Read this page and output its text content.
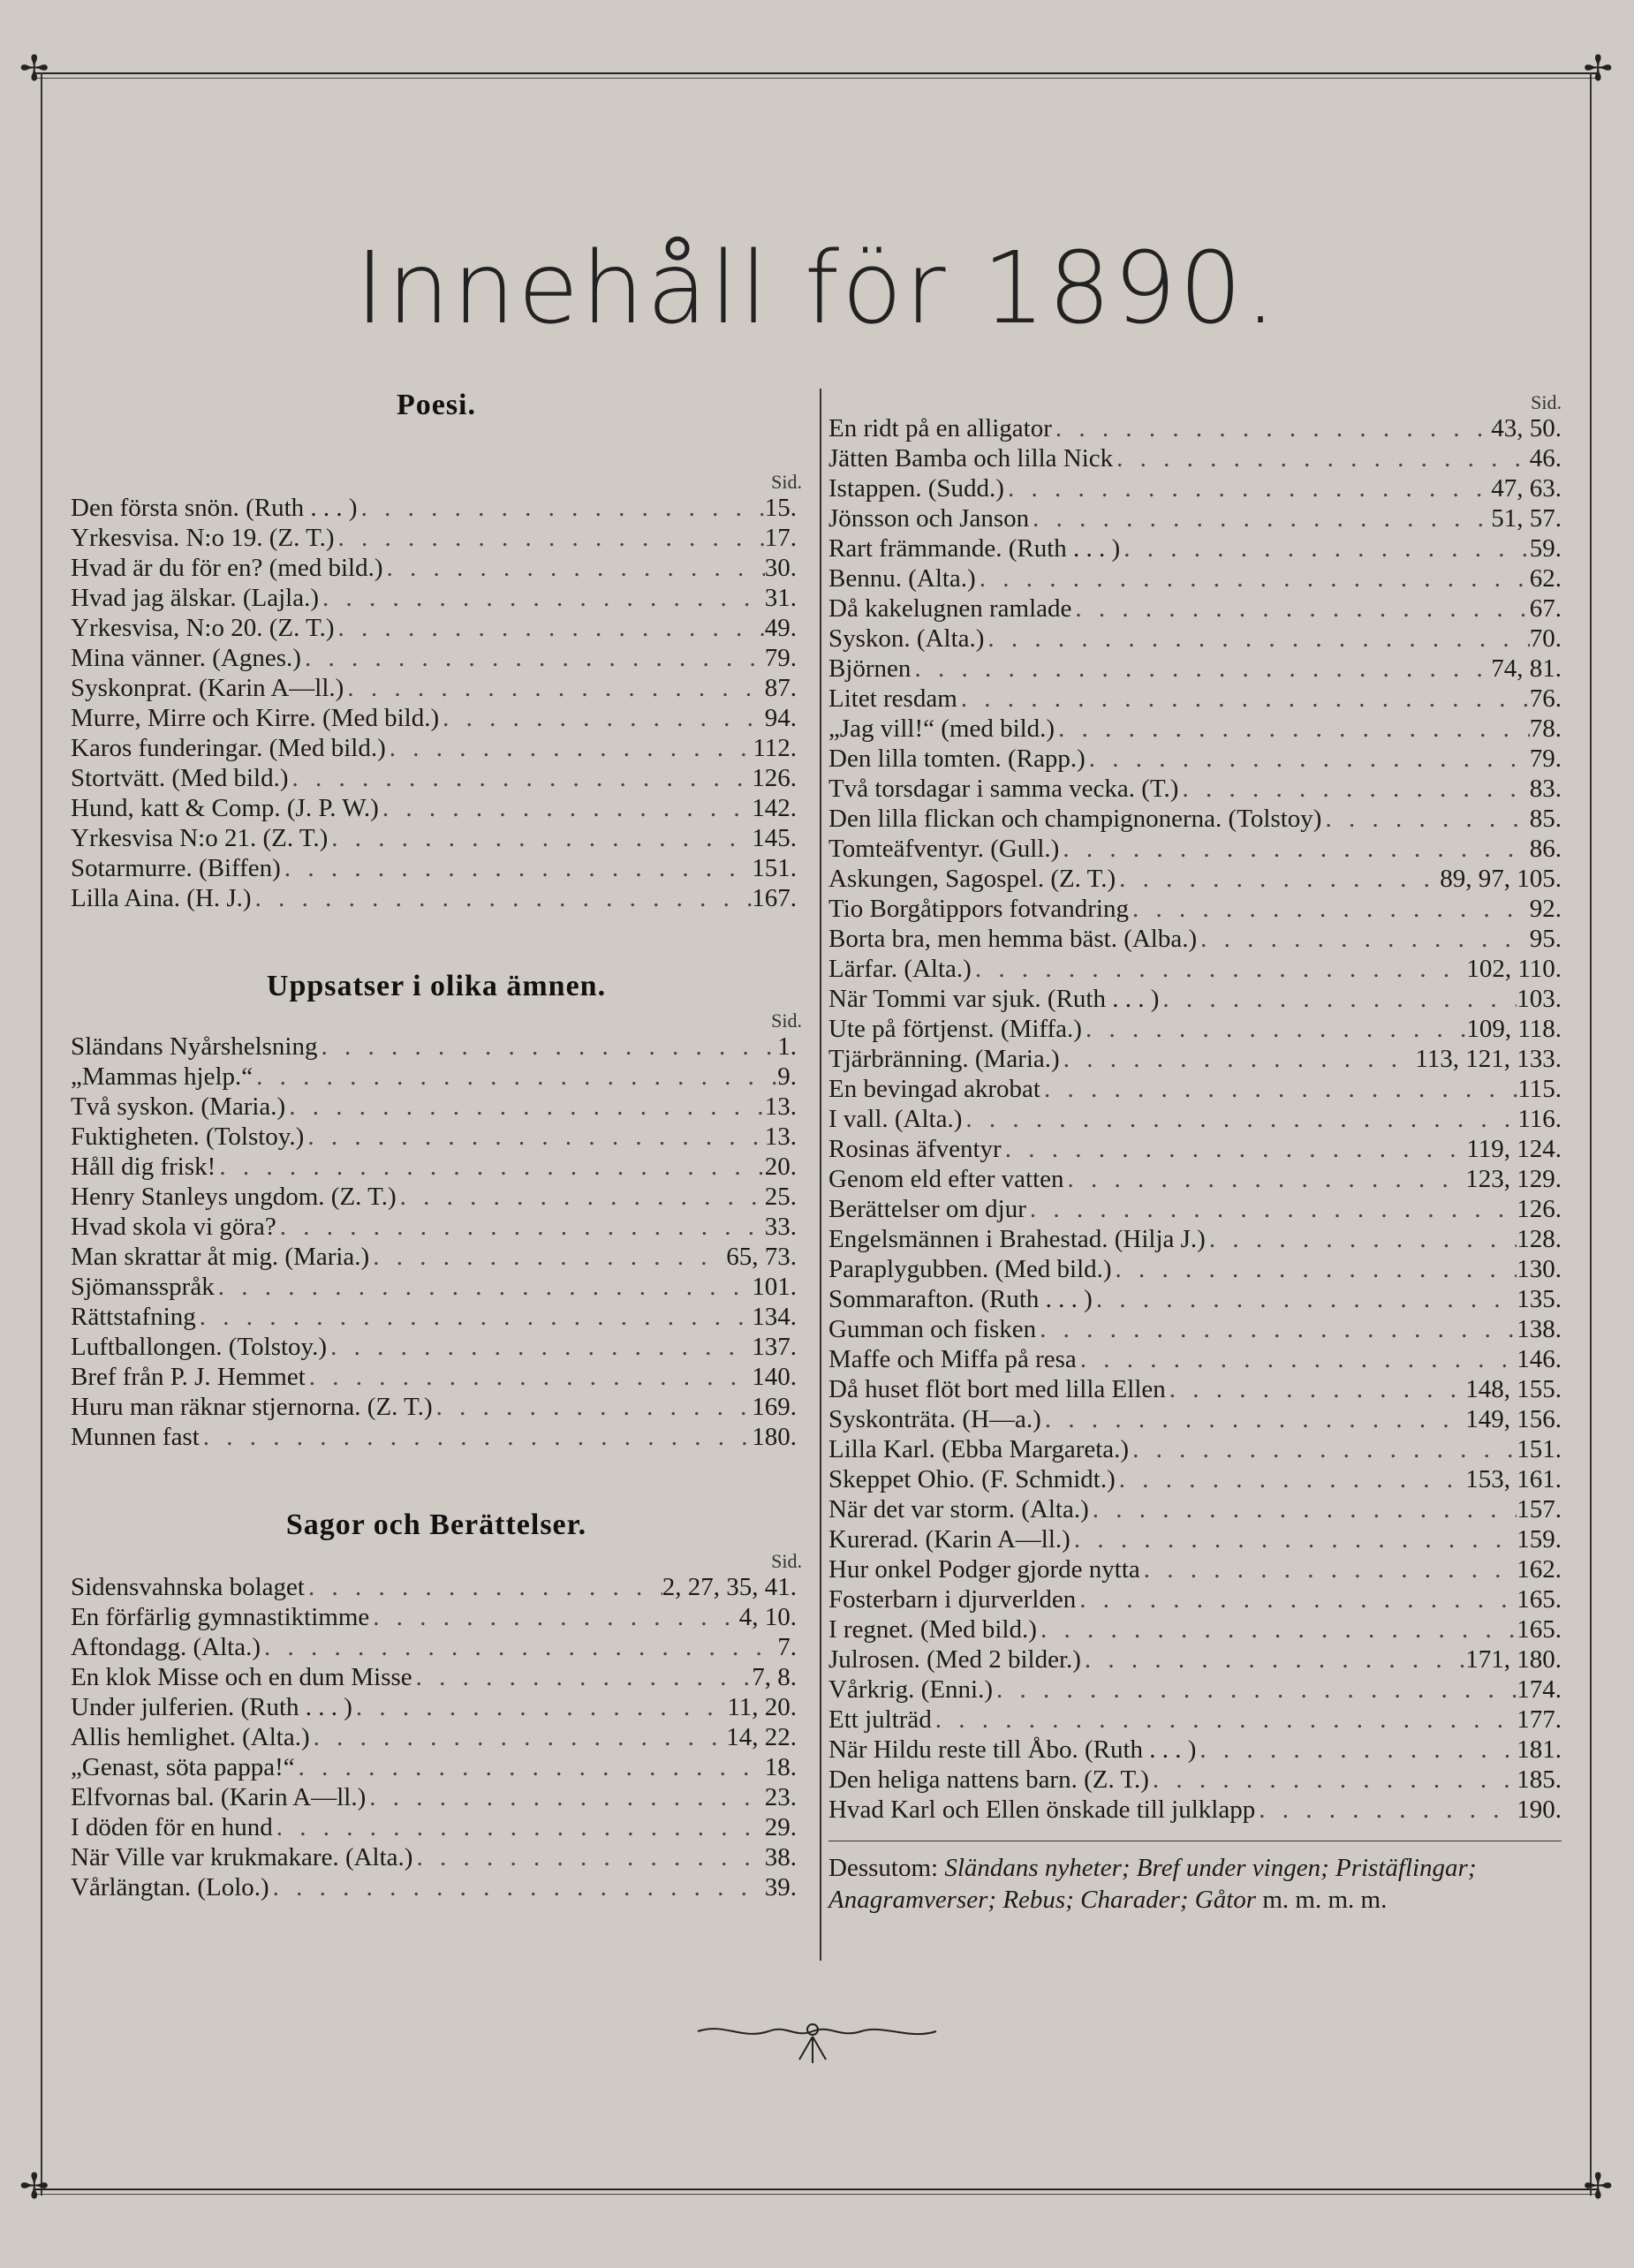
✢	✢
✢	✢
Innehåll för 1890.
Poesi.
Sid.
Den första snön. (Ruth . . . ) . . .	15.
Yrkesvisa. N:o 19. (Z. T.) . . .	17.
Hvad är du för en? (med bild.) . . .	30.
Hvad jag älskar. (Lajla.) . . .	31.
Yrkesvisa, N:o 20. (Z. T.) . . .	49.
Mina vänner. (Agnes.) . . .	79.
Syskonprat. (Karin A—ll.) . . .	87.
Murre, Mirre och Kirre. (Med bild.) . . .	94.
Karos funderingar. (Med bild.) . . .	112.
Stortvätt. (Med bild.) . . .	126.
Hund, katt & Comp. (J. P. W.) . . .	142.
Yrkesvisa N:o 21. (Z. T.) . . .	145.
Sotarmurre. (Biffen) . . .	151.
Lilla Aina. (H. J.) . . .	167.
Uppsatser i olika ämnen.
Sid.
Sländans Nyårshelsning . . .	1.
„Mammas hjelp.“ . . .	9.
Två syskon. (Maria.) . . .	13.
Fuktigheten. (Tolstoy.) . . .	13.
Håll dig frisk! . . .	20.
Henry Stanleys ungdom. (Z. T.) . . .	25.
Hvad skola vi göra? . . .	33.
Man skrattar åt mig. (Maria.) . . .	65, 73.
Sjömansspråk . . .	101.
Rättstafning . . .	134.
Luftballongen. (Tolstoy.) . . .	137.
Bref från P. J. Hemmet . . .	140.
Huru man räknar stjernorna. (Z. T.) . . .	169.
Munnen fast . . .	180.
Sagor och Berättelser.
Sid.
Sidensvahnska bolaget . . .	2, 27, 35, 41.
En förfärlig gymnastiktimme . . .	4, 10.
Aftondagg. (Alta.) . . .	7.
En klok Misse och en dum Misse . . .	7, 8.
Under julferien. (Ruth . . . ) . . .	11, 20.
Allis hemlighet. (Alta.) . . .	14, 22.
„Genast, söta pappa!“ . . .	18.
Elfvornas bal. (Karin A—ll.) . . .	23.
I döden för en hund . . .	29.
När Ville var krukmakare. (Alta.) . . .	38.
Vårlängtan. (Lolo.) . . .	39.
Sid.
En ridt på en alligator . . .	43, 50.
Jätten Bamba och lilla Nick . . .	46.
Istappen. (Sudd.) . . .	47, 63.
Jönsson och Janson . . .	51, 57.
Rart främmande. (Ruth . . . ) . . .	59.
Bennu. (Alta.) . . .	62.
Då kakelugnen ramlade . . .	67.
Syskon. (Alta.) . . .	70.
Björnen . . .	74, 81.
Litet resdam . . .	76.
„Jag vill!“ (med bild.) . . .	78.
Den lilla tomten. (Rapp.) . . .	79.
Två torsdagar i samma vecka. (T.) . . .	83.
Den lilla flickan och champignonerna. (Tolstoy) . . .	85.
Tomteäfventyr. (Gull.) . . .	86.
Askungen, Sagospel. (Z. T.) . . .	89, 97, 105.
Tio Borgåtippors fotvandring . . .	92.
Borta bra, men hemma bäst. (Alba.) . . .	95.
Lärfar. (Alta.) . . .	102, 110.
När Tommi var sjuk. (Ruth . . . ) . . .	103.
Ute på förtjenst. (Miffa.) . . .	109, 118.
Tjärbränning. (Maria.) . . .	113, 121, 133.
En bevingad akrobat . . .	115.
I vall. (Alta.) . . .	116.
Rosinas äfventyr . . .	119, 124.
Genom eld efter vatten . . .	123, 129.
Berättelser om djur . . .	126.
Engelsmännen i Brahestad. (Hilja J.) . . .	128.
Paraplygubben. (Med bild.) . . .	130.
Sommarafton. (Ruth . . . ) . . .	135.
Gumman och fisken . . .	138.
Maffe och Miffa på resa . . .	146.
Då huset flöt bort med lilla Ellen . . .	148, 155.
Syskonträta. (H—a.) . . .	149, 156.
Lilla Karl. (Ebba Margareta.) . . .	151.
Skeppet Ohio. (F. Schmidt.) . . .	153, 161.
När det var storm. (Alta.) . . .	157.
Kurerad. (Karin A—ll.) . . .	159.
Hur onkel Podger gjorde nytta . . .	162.
Fosterbarn i djurverlden . . .	165.
I regnet. (Med bild.) . . .	165.
Julrosen. (Med 2 bilder.) . . .	171, 180.
Vårkrig. (Enni.) . . .	174.
Ett julträd . . .	177.
När Hildu reste till Åbo. (Ruth . . . ) . . .	181.
Den heliga nattens barn. (Z. T.) . . .	185.
Hvad Karl och Ellen önskade till julklapp . . .	190.
Dessutom: Sländans nyheter; Bref under vingen; Pristäflingar; Anagramverser; Rebus; Charader; Gåtor m. m. m. m.
